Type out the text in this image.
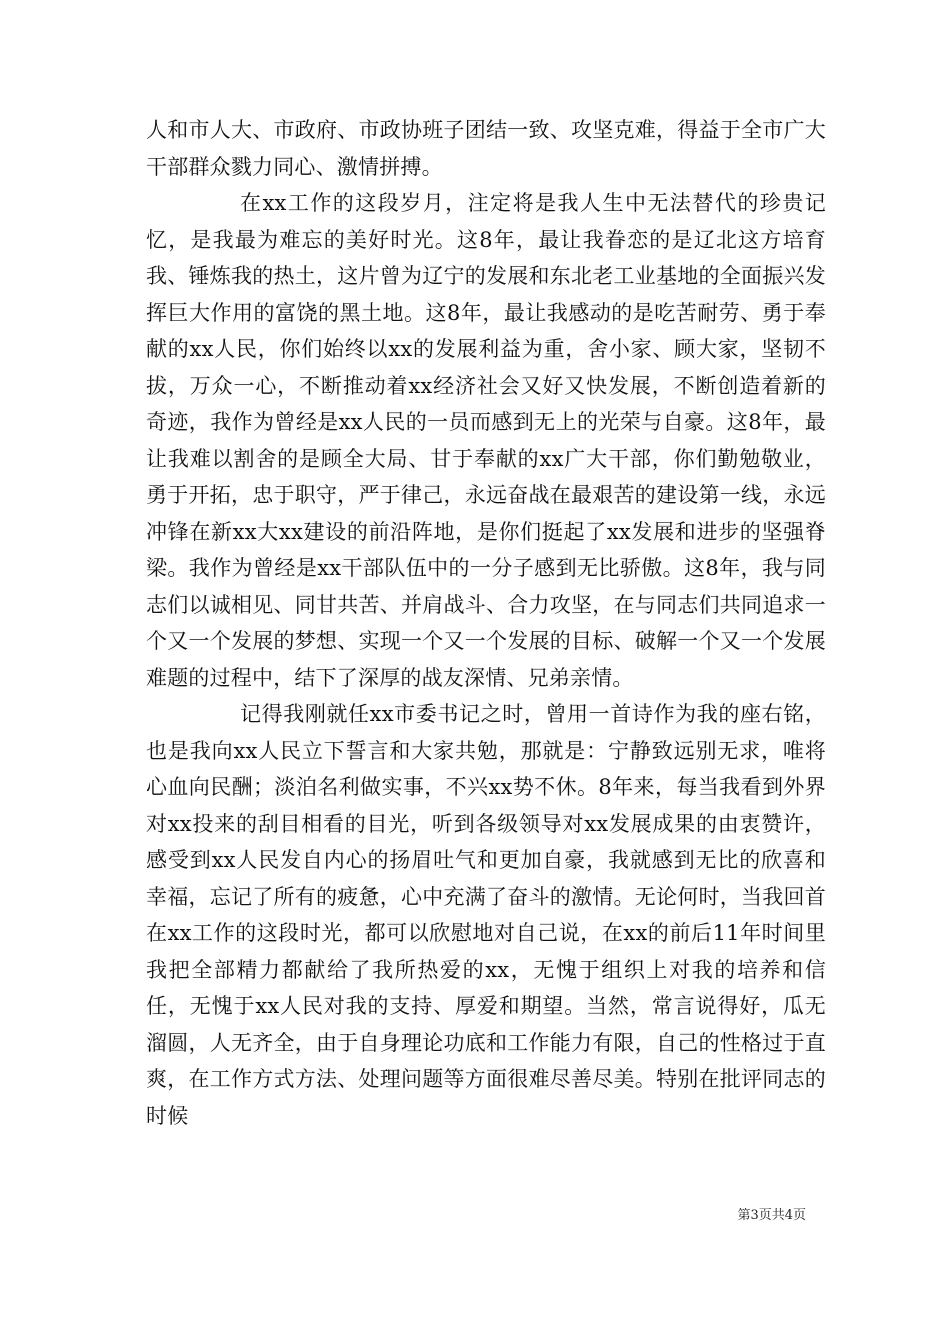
人和市人大、市政府、市政协班子团结一致、攻坚克难，得益于全市广大干部群众戮力同心、激情拼搏。

在xx工作的这段岁月，注定将是我人生中无法替代的珍贵记忆，是我最为难忘的美好时光。这8年，最让我眷恋的是辽北这方培育我、锤炼我的热土，这片曾为辽宁的发展和东北老工业基地的全面振兴发挥巨大作用的富饶的黑土地。这8年，最让我感动的是吃苦耐劳、勇于奉献的xx人民，你们始终以xx的发展利益为重，舍小家、顾大家，坚韧不拔，万众一心，不断推动着xx经济社会又好又快发展，不断创造着新的奇迹，我作为曾经是xx人民的一员而感到无上的光荣与自豪。这8年，最让我难以割舍的是顾全大局、甘于奉献的xx广大干部，你们勤勉敬业，勇于开拓，忠于职守，严于律己，永远奋战在最艰苦的建设第一线，永远冲锋在新xx大xx建设的前沿阵地，是你们挺起了xx发展和进步的坚强脊梁。我作为曾经是xx干部队伍中的一分子感到无比骄傲。这8年，我与同志们以诚相见、同甘共苦、并肩战斗、合力攻坚，在与同志们共同追求一个又一个发展的梦想、实现一个又一个发展的目标、破解一个又一个发展难题的过程中，结下了深厚的战友深情、兄弟亲情。

记得我刚就任xx市委书记之时，曾用一首诗作为我的座右铭，也是我向xx人民立下誓言和大家共勉，那就是：宁静致远别无求，唯将心血向民酬；淡泊名利做实事，不兴xx势不休。8年来，每当我看到外界对xx投来的刮目相看的目光，听到各级领导对xx发展成果的由衷赞许，感受到xx人民发自内心的扬眉吐气和更加自豪，我就感到无比的欣喜和幸福，忘记了所有的疲惫，心中充满了奋斗的激情。无论何时，当我回首在xx工作的这段时光，都可以欣慰地对自己说，在xx的前后11年时间里我把全部精力都献给了我所热爱的xx，无愧于组织上对我的培养和信任，无愧于xx人民对我的支持、厚爱和期望。当然，常言说得好，瓜无溜圆，人无齐全，由于自身理论功底和工作能力有限，自己的性格过于直爽，在工作方式方法、处理问题等方面很难尽善尽美。特别在批评同志的时候

第3页共4页
